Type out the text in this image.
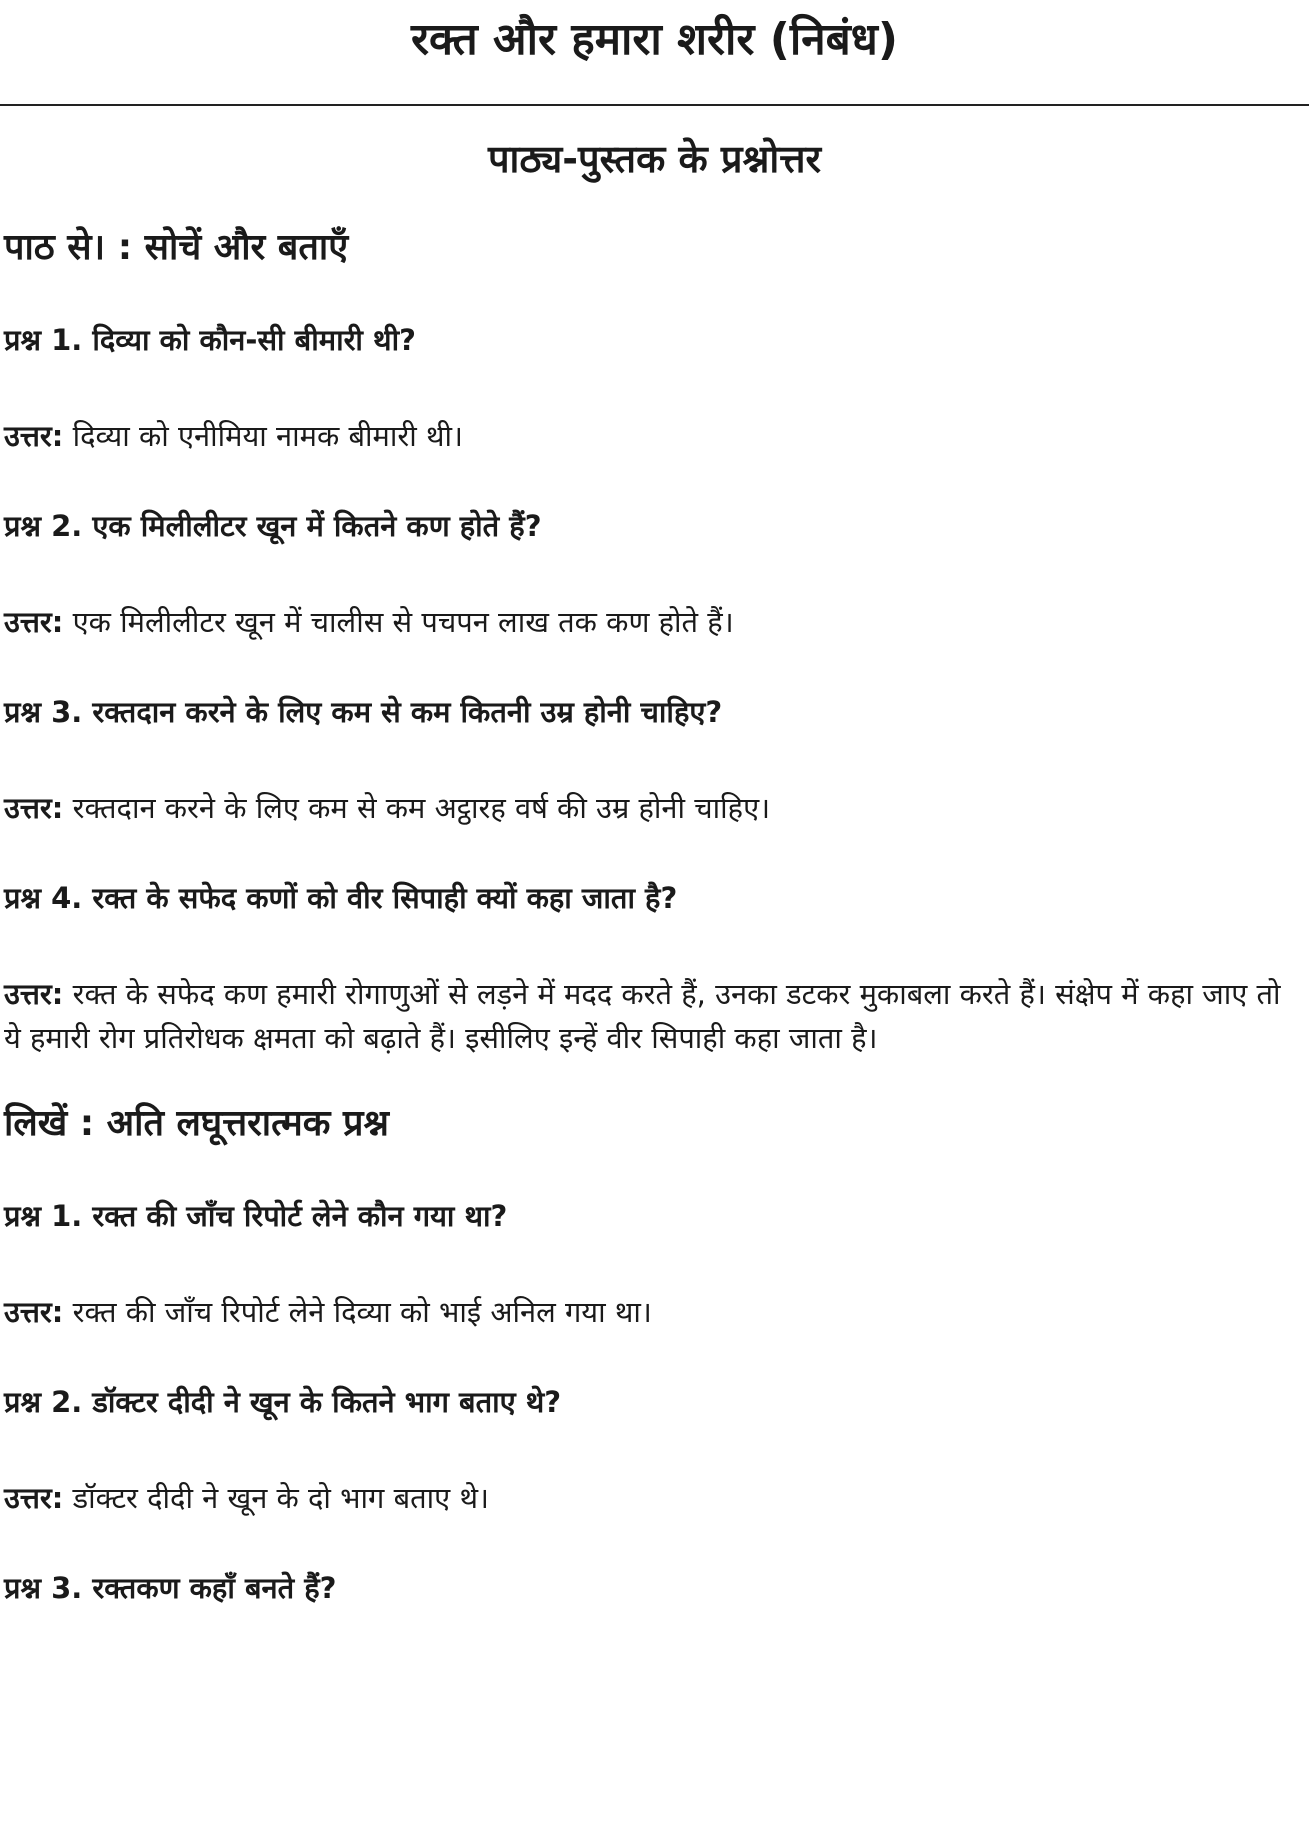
रक्त और हमारा शरीर (निबंध)
पाठ्य-पुस्तक के प्रश्नोत्तर
पाठ से। : सोचें और बताएँ
प्रश्न 1. दिव्या को कौन-सी बीमारी थी?
उत्तर: दिव्या को एनीमिया नामक बीमारी थी।
प्रश्न 2. एक मिलीलीटर खून में कितने कण होते हैं?
उत्तर: एक मिलीलीटर खून में चालीस से पचपन लाख तक कण होते हैं।
प्रश्न 3. रक्तदान करने के लिए कम से कम कितनी उम्र होनी चाहिए?
उत्तर: रक्तदान करने के लिए कम से कम अट्ठारह वर्ष की उम्र होनी चाहिए।
प्रश्न 4. रक्त के सफेद कणों को वीर सिपाही क्यों कहा जाता है?
उत्तर: रक्त के सफेद कण हमारी रोगाणुओं से लड़ने में मदद करते हैं, उनका डटकर मुकाबला करते हैं। संक्षेप में कहा जाए तो ये हमारी रोग प्रतिरोधक क्षमता को बढ़ाते हैं। इसीलिए इन्हें वीर सिपाही कहा जाता है।
लिखें : अति लघूत्तरात्मक प्रश्न
प्रश्न 1. रक्त की जाँच रिपोर्ट लेने कौन गया था?
उत्तर: रक्त की जाँच रिपोर्ट लेने दिव्या को भाई अनिल गया था।
प्रश्न 2. डॉक्टर दीदी ने खून के कितने भाग बताए थे?
उत्तर: डॉक्टर दीदी ने खून के दो भाग बताए थे।
प्रश्न 3. रक्तकण कहाँ बनते हैं?
